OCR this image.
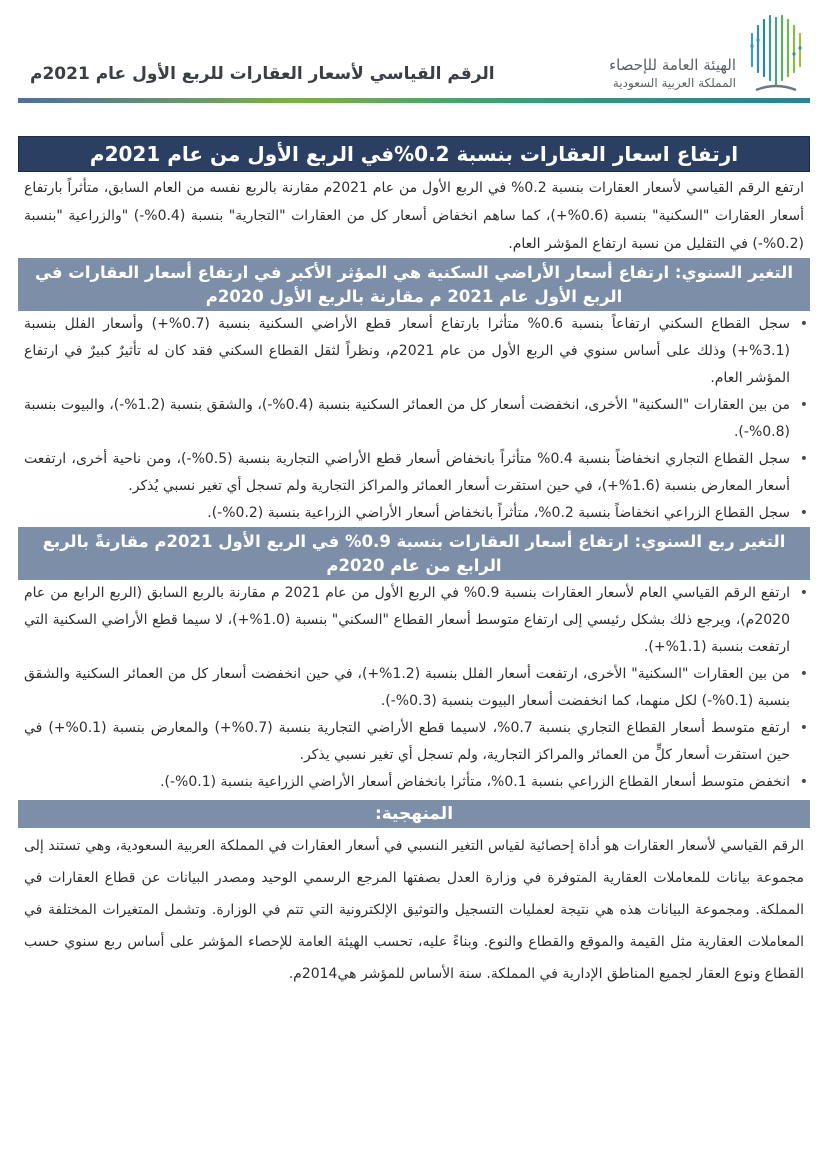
الهيئة العامة للإحصاء
المملكة العربية السعودية
الرقم القياسي لأسعار العقارات للربع الأول عام 2021م
ارتفاع اسعار العقارات بنسبة 0.2%في الربع الأول من عام 2021م

ارتفع الرقم القياسي لأسعار العقارات بنسبة 0.2% في الربع الأول من عام 2021م مقارنة بالربع نفسه من العام السابق، متأثراً بارتفاع أسعار العقارات "السكنية" بنسبة (0.6%+)، كما ساهم انخفاض أسعار كل من العقارات "التجارية" بنسبة (0.4%-) "والزراعية "بنسبة (0.2%-) في التقليل من نسبة ارتفاع المؤشر العام.

التغير السنوي: ارتفاع أسعار الأراضي السكنية هي المؤثر الأكبر في ارتفاع أسعار العقارات في الربع الأول عام 2021 م مقارنة بالربع الأول 2020م
•
سجل القطاع السكني ارتفاعاً بنسبة 0.6% متأثرا بارتفاع أسعار قطع الأراضي السكنية بنسبة (0.7%+) وأسعار الفلل بنسبة (3.1%+) وذلك على أساس سنوي في الربع الأول من عام 2021م، ونظراً لثقل القطاع السكني فقد كان له تأثيرٌ كبيرٌ في ارتفاع المؤشر العام.
•
من بين العقارات "السكنية" الأخرى، انخفضت أسعار كل من العمائر السكنية بنسبة (0.4%-)، والشقق بنسبة (1.2%-)، والبيوت بنسبة (0.8%-).
•
سجل القطاع التجاري انخفاضاً بنسبة 0.4% متأثراً بانخفاض أسعار قطع الأراضي التجارية بنسبة (0.5%-)، ومن ناحية أخرى، ارتفعت أسعار المعارض بنسبة (1.6%+)، في حين استقرت أسعار العمائر والمراكز التجارية ولم تسجل أي تغير نسبي يُذكر.
•
سجل القطاع الزراعي انخفاضاً بنسبة 0.2%، متأثراً بانخفاض أسعار الأراضي الزراعية بنسبة (0.2%-).
التغير ربع السنوي: ارتفاع أسعار العقارات بنسبة 0.9% في الربع الأول 2021م مقارنةً بالربع الرابع من عام 2020م
•
ارتفع الرقم القياسي العام لأسعار العقارات بنسبة 0.9% في الربع الأول من عام 2021 م مقارنة بالربع السابق (الربع الرابع من عام 2020م)، ويرجع ذلك بشكل رئيسي إلى ارتفاع متوسط أسعار القطاع "السكني" بنسبة (1.0%+)، لا سيما قطع الأراضي السكنية التي ارتفعت بنسبة (1.1%+).
•
من بين العقارات "السكنية" الأخرى، ارتفعت أسعار الفلل بنسبة (1.2%+)، في حين انخفضت أسعار كل من العمائر السكنية والشقق بنسبة (0.1%-) لكل منهما، كما انخفضت أسعار البيوت بنسبة (0.3%-).
•
ارتفع متوسط أسعار القطاع التجاري بنسبة 0.7%، لاسيما قطع الأراضي التجارية بنسبة (0.7%+) والمعارض بنسبة (0.1%+) في حين استقرت أسعار كلٍّ من العمائر والمراكز التجارية، ولم تسجل أي تغير نسبي يذكر.
•
انخفض متوسط أسعار القطاع الزراعي بنسبة 0.1%، متأثرا بانخفاض أسعار الأراضي الزراعية بنسبة (0.1%-).
المنهجية:

الرقم القياسي لأسعار العقارات هو أداة إحصائية لقياس التغير النسبي في أسعار العقارات في المملكة العربية السعودية، وهي تستند إلى مجموعة بيانات للمعاملات العقارية المتوفرة في وزارة العدل بصفتها المرجع الرسمي الوحيد ومصدر البيانات عن قطاع العقارات في المملكة. ومجموعة البيانات هذه هي نتيجة لعمليات التسجيل والتوثيق الإلكترونية التي تتم في الوزارة. وتشمل المتغيرات المختلفة في المعاملات العقارية مثل القيمة والموقع والقطاع والنوع. وبناءً عليه، تحسب الهيئة العامة للإحصاء المؤشر على أساس ربع سنوي حسب القطاع ونوع العقار لجميع المناطق الإدارية في المملكة. سنة الأساس للمؤشر هي2014م.
